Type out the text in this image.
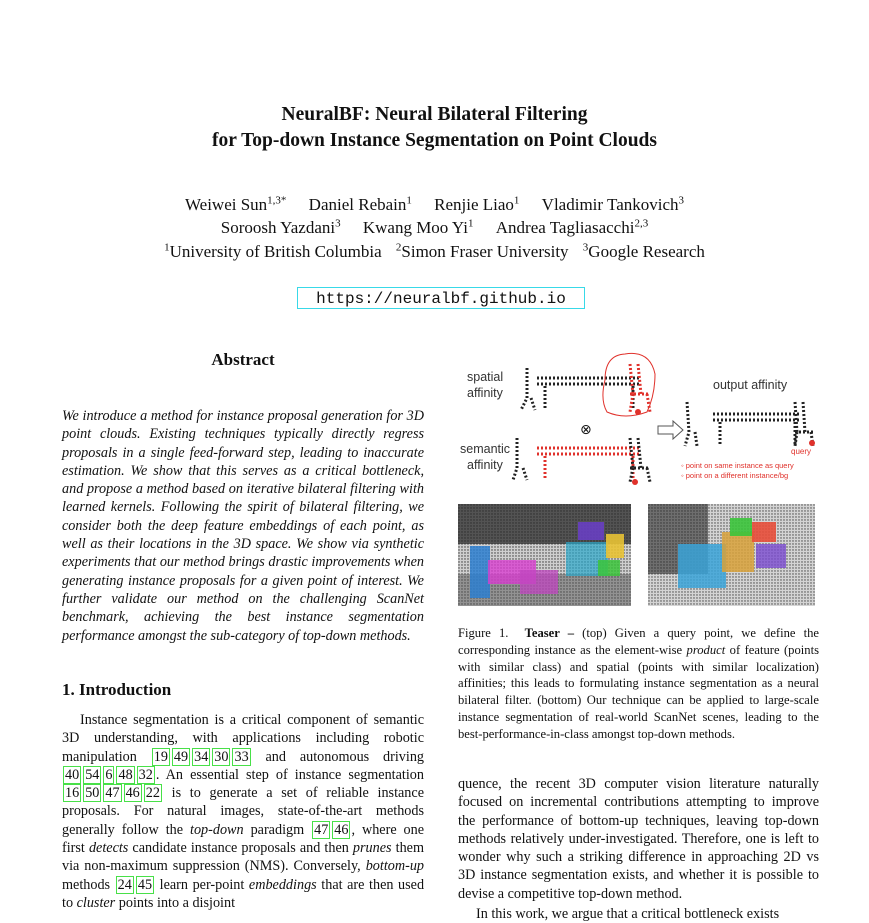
NeuralBF: Neural Bilateral Filtering
for Top-down Instance Segmentation on Point Clouds
Weiwei Sun$^{1,3*}$ Daniel Rebain$^1$ Renjie Liao$^1$ Vladimir Tankovich$^3$
Soroosh Yazdani$^3$ Kwang Moo Yi$^1$ Andrea Tagliasacchi$^{2,3}$
$^1$University of British Columbia $^2$Simon Fraser University $^3$Google Research
https://neuralbf.github.io
Abstract
We introduce a method for instance proposal generation for 3D point clouds. Existing techniques typically directly regress proposals in a single feed-forward step, leading to inaccurate estimation. We show that this serves as a critical bottleneck, and propose a method based on iterative bilateral filtering with learned kernels. Following the spirit of bilateral filtering, we consider both the deep feature embeddings of each point, as well as their locations in the 3D space. We show via synthetic experiments that our method brings drastic improvements when generating instance proposals for a given point of interest. We further validate our method on the challenging ScanNet benchmark, achieving the best instance segmentation performance amongst the sub-category of top-down methods.
1. Introduction
Instance segmentation is a critical component of semantic 3D understanding, with applications including robotic manipulation 19 49 34 30 33 and autonomous driving 40 54 6 48 32 . An essential step of instance segmentation 16 50 47 46 22 is to generate a set of reliable instance proposals. For natural images, state-of-the-art methods generally follow the top-down paradigm 47 46 , where one first detects candidate instance proposals and then prunes them via non-maximum suppression (NMS). Conversely, bottom-up methods 24 45 learn per-point embeddings that are then used to cluster points into a disjoint
spatial
affinity
semantic
affinity
⊗
output affinity
query
◦ point on same instance as query
◦ point on a different instance/bg
Figure 1. Teaser – (top) Given a query point, we define the corresponding instance as the element-wise product of feature (points with similar class) and spatial (points with similar localization) affinities; this leads to formulating instance segmentation as a neural bilateral filter. (bottom) Our technique can be applied to large-scale instance segmentation of real-world ScanNet scenes, leading to the best-performance-in-class amongst top-down methods.
quence, the recent 3D computer vision literature naturally focused on incremental contributions attempting to improve the performance of bottom-up techniques, leaving top-down methods relatively under-investigated. Therefore, one is left to wonder why such a striking difference in approaching 2D vs 3D instance segmentation exists, and whether it is possible to devise a competitive top-down method.
In this work, we argue that a critical bottleneck exists
